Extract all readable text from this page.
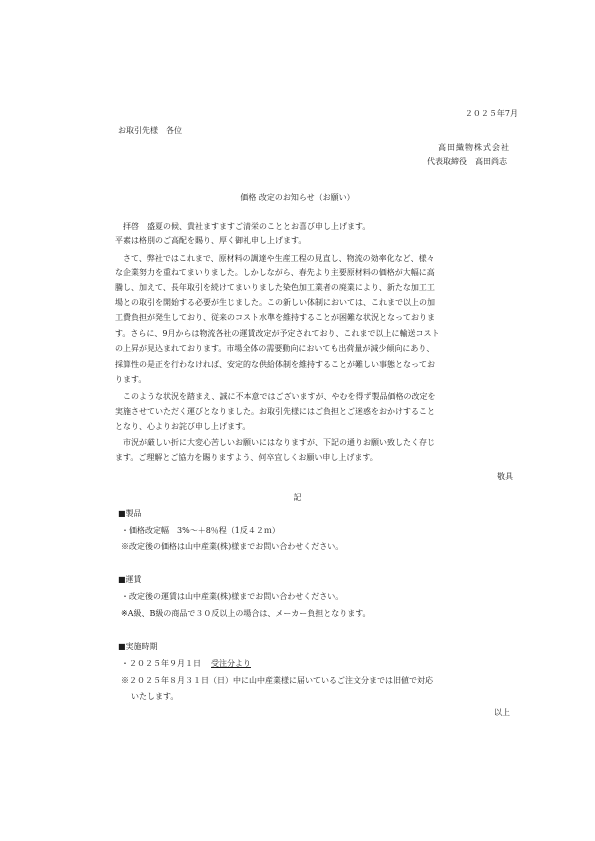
２０２５年7月
お取引先様　各位
高田織物株式会社
代表取締役　高田尚志
価格 改定のお知らせ（お願い）
拝啓　盛夏の候、貴社ますますご清栄のこととお喜び申し上げます。
平素は格別のご高配を賜り、厚く御礼申し上げます。
さて、弊社ではこれまで、原材料の調達や生産工程の見直し、物流の効率化など、様々
な企業努力を重ねてまいりました。しかしながら、春先より主要原材料の価格が大幅に高
騰し、加えて、長年取引を続けてまいりました染色加工業者の廃業により、新たな加工工
場との取引を開始する必要が生じました。この新しい体制においては、これまで以上の加
工費負担が発生しており、従来のコスト水準を維持することが困難な状況となっておりま
す。さらに、9月からは物流各社の運賃改定が予定されており、これまで以上に輸送コスト
の上昇が見込まれております。市場全体の需要動向においても出荷量が減少傾向にあり、
採算性の是正を行わなければ、安定的な供給体制を維持することが難しい事態となってお
ります。
このような状況を踏まえ、誠に不本意ではございますが、やむを得ず製品価格の改定を
実施させていただく運びとなりました。お取引先様にはご負担とご迷惑をおかけすること
となり、心よりお詫び申し上げます。
市況が厳しい折に大変心苦しいお願いにはなりますが、下記の通りお願い致したく存じ
ます。ご理解とご協力を賜りますよう、何卒宜しくお願い申し上げます。
敬具
記
■製品
・価格改定幅　3%～＋8％程（1反４２ｍ）
※改定後の価格は山中産業(株)様までお問い合わせください。
■運賃
・改定後の運賃は山中産業(株)様までお問い合わせください。
※A級、B級の商品で３０反以上の場合は、メーカー負担となります。
■実施時期
・２０２５年９月１日 受注分より
※２０２５年８月３１日（日）中に山中産業様に届いているご注文分までは旧値で対応
いたします。
以上
